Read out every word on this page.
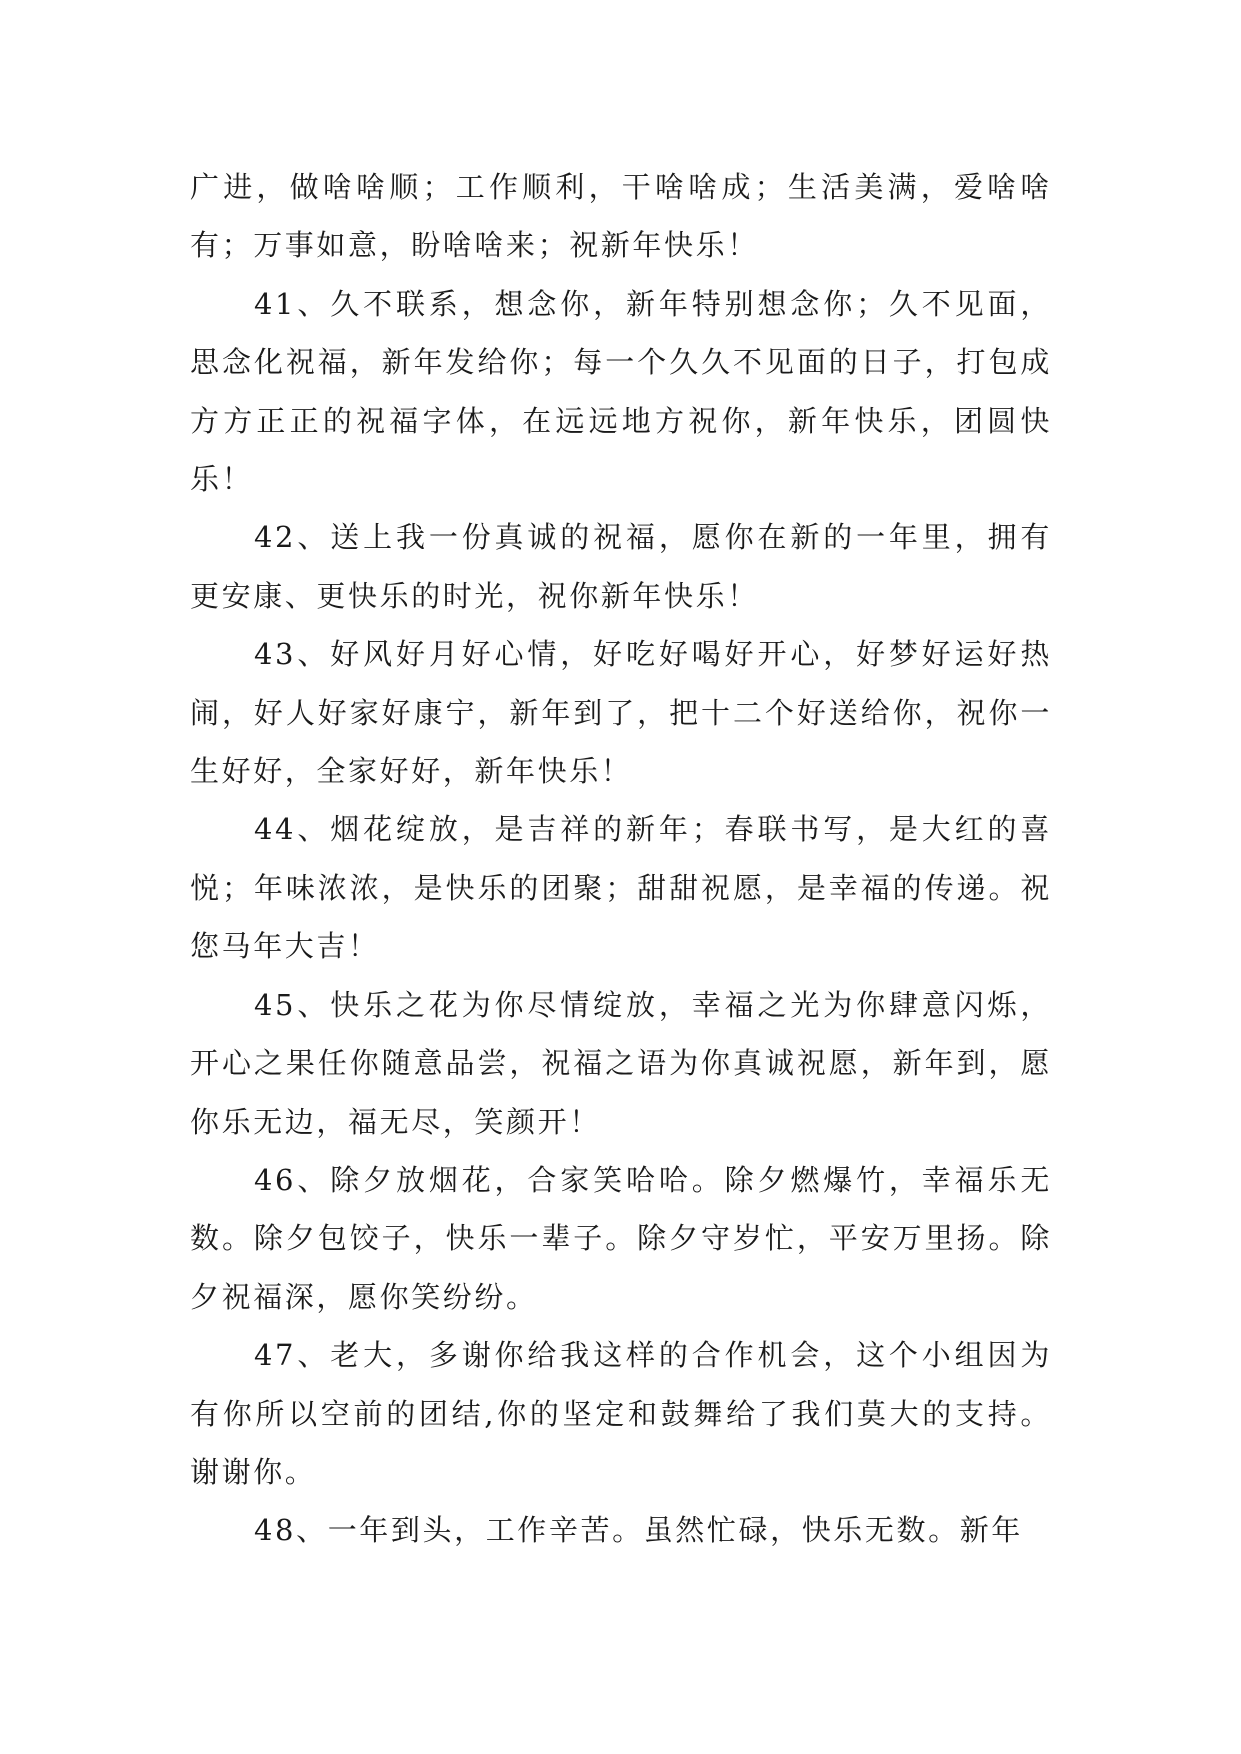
广进，做啥啥顺；工作顺利，干啥啥成；生活美满，爱啥啥有；万事如意，盼啥啥来；祝新年快乐！

41、久不联系，想念你，新年特别想念你；久不见面，思念化祝福，新年发给你；每一个久久不见面的日子，打包成方方正正的祝福字体，在远远地方祝你，新年快乐，团圆快乐！

42、送上我一份真诚的祝福，愿你在新的一年里，拥有更安康、更快乐的时光，祝你新年快乐！

43、好风好月好心情，好吃好喝好开心，好梦好运好热闹，好人好家好康宁，新年到了，把十二个好送给你，祝你一生好好，全家好好，新年快乐！

44、烟花绽放，是吉祥的新年；春联书写，是大红的喜悦；年味浓浓，是快乐的团聚；甜甜祝愿，是幸福的传递。祝您马年大吉！

45、快乐之花为你尽情绽放，幸福之光为你肆意闪烁，开心之果任你随意品尝，祝福之语为你真诚祝愿，新年到，愿你乐无边，福无尽，笑颜开！

46、除夕放烟花，合家笑哈哈。除夕燃爆竹，幸福乐无数。除夕包饺子，快乐一辈子。除夕守岁忙，平安万里扬。除夕祝福深，愿你笑纷纷。

47、老大，多谢你给我这样的合作机会，这个小组因为有你所以空前的团结,你的坚定和鼓舞给了我们莫大的支持。谢谢你。

48、一年到头，工作辛苦。虽然忙碌，快乐无数。新年
